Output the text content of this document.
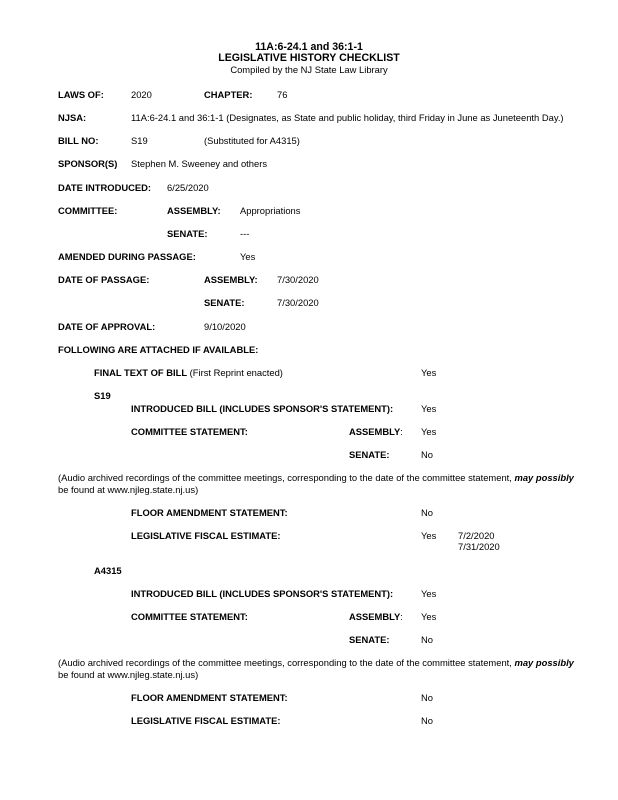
11A:6-24.1 and 36:1-1
LEGISLATIVE HISTORY CHECKLIST
Compiled by the NJ State Law Library
LAWS OF:	2020	CHAPTER:	76
NJSA:	11A:6-24.1 and 36:1-1 (Designates, as State and public holiday, third Friday in June as Juneteenth Day.)
BILL NO:	S19	(Substituted for A4315)
SPONSOR(S) Stephen M. Sweeney and others
DATE INTRODUCED: 6/25/2020
COMMITTEE:	ASSEMBLY: Appropriations
SENATE:	---
AMENDED DURING PASSAGE:	Yes
DATE OF PASSAGE:	ASSEMBLY: 7/30/2020
SENATE:	7/30/2020
DATE OF APPROVAL:	9/10/2020
FOLLOWING ARE ATTACHED IF AVAILABLE:
FINAL TEXT OF BILL (First Reprint enacted)	Yes
S19
INTRODUCED BILL (INCLUDES SPONSOR'S STATEMENT):	Yes
COMMITTEE STATEMENT:	ASSEMBLY: Yes
SENATE:	No
(Audio archived recordings of the committee meetings, corresponding to the date of the committee statement, may possibly
be found at www.njleg.state.nj.us)
FLOOR AMENDMENT STATEMENT:	No
LEGISLATIVE FISCAL ESTIMATE:	Yes 7/2/2020
7/31/2020
A4315
INTRODUCED BILL (INCLUDES SPONSOR'S STATEMENT):	Yes
COMMITTEE STATEMENT:	ASSEMBLY: Yes
SENATE:	No
(Audio archived recordings of the committee meetings, corresponding to the date of the committee statement, may possibly
be found at www.njleg.state.nj.us)
FLOOR AMENDMENT STATEMENT:	No
LEGISLATIVE FISCAL ESTIMATE:	No
